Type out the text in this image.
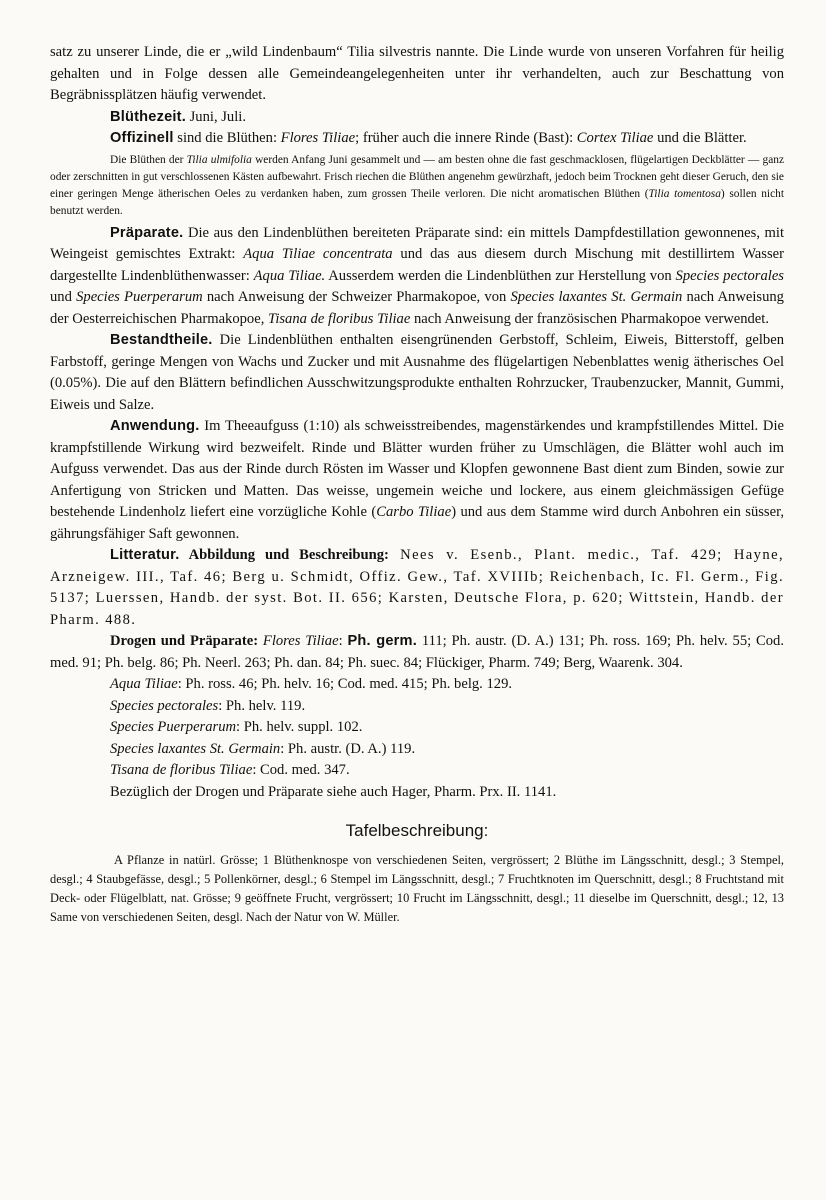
satz zu unserer Linde, die er „wild Lindenbaum“ Tilia silvestris nannte. Die Linde wurde von unseren Vorfahren für heilig gehalten und in Folge dessen alle Gemeindeangelegenheiten unter ihr verhandelten, auch zur Beschattung von Begräbnissplätzen häufig verwendet.

Blüthezeit. Juni, Juli.

Offizinell sind die Blüthen: Flores Tiliae; früher auch die innere Rinde (Bast): Cortex Tiliae und die Blätter.

Die Blüthen der Tilia ulmifolia werden Anfang Juni gesammelt und — am besten ohne die fast geschmacklosen, flügelartigen Deckblätter — ganz oder zerschnitten in gut verschlossenen Kästen aufbewahrt. Frisch riechen die Blüthen angenehm gewürzhaft, jedoch beim Trocknen geht dieser Geruch, den sie einer geringen Menge ätherischen Oeles zu verdanken haben, zum grossen Theile verloren. Die nicht aromatischen Blüthen (Tilia tomentosa) sollen nicht benutzt werden.

Präparate. Die aus den Lindenblüthen bereiteten Präparate sind: ein mittels Dampfdestillation gewonnenes, mit Weingeist gemischtes Extrakt: Aqua Tiliae concentrata und das aus diesem durch Mischung mit destillirtem Wasser dargestellte Lindenblüthenwasser: Aqua Tiliae. Ausserdem werden die Lindenblüthen zur Herstellung von Species pectorales und Species Puerperarum nach Anweisung der Schweizer Pharmakopoe, von Species laxantes St. Germain nach Anweisung der Oesterreichischen Pharmakopoe, Tisana de floribus Tiliae nach Anweisung der französischen Pharmakopoe verwendet.

Bestandtheile. Die Lindenblüthen enthalten eisengrünenden Gerbstoff, Schleim, Eiweis, Bitterstoff, gelben Farbstoff, geringe Mengen von Wachs und Zucker und mit Ausnahme des flügelartigen Nebenblattes wenig ätherisches Oel (0.05%). Die auf den Blättern befindlichen Ausschwitzungsprodukte enthalten Rohrzucker, Traubenzucker, Mannit, Gummi, Eiweis und Salze.

Anwendung. Im Theeaufguss (1:10) als schweisstreibendes, magenstärkendes und krampfstillendes Mittel. Die krampfstillende Wirkung wird bezweifelt. Rinde und Blätter wurden früher zu Umschlägen, die Blätter wohl auch im Aufguss verwendet. Das aus der Rinde durch Rösten im Wasser und Klopfen gewonnene Bast dient zum Binden, sowie zur Anfertigung von Stricken und Matten. Das weisse, ungemein weiche und lockere, aus einem gleichmässigen Gefüge bestehende Lindenholz liefert eine vorzügliche Kohle (Carbo Tiliae) und aus dem Stamme wird durch Anbohren ein süsser, gährungsfähiger Saft gewonnen.

Litteratur. Abbildung und Beschreibung: Nees v. Esenb., Plant. medic., Taf. 429; Hayne, Arzneigew. III., Taf. 46; Berg u. Schmidt, Offiz. Gew., Taf. XVIIIb; Reichenbach, Ic. Fl. Germ., Fig. 5137; Luerssen, Handb. der syst. Bot. II. 656; Karsten, Deutsche Flora, p. 620; Wittstein, Handb. der Pharm. 488.

Drogen und Präparate: Flores Tiliae: Ph. germ. 111; Ph. austr. (D. A.) 131; Ph. ross. 169; Ph. helv. 55; Cod. med. 91; Ph. belg. 86; Ph. Neerl. 263; Ph. dan. 84; Ph. suec. 84; Flückiger, Pharm. 749; Berg, Waarenk. 304.

Aqua Tiliae: Ph. ross. 46; Ph. helv. 16; Cod. med. 415; Ph. belg. 129.

Species pectorales: Ph. helv. 119.

Species Puerperarum: Ph. helv. suppl. 102.

Species laxantes St. Germain: Ph. austr. (D. A.) 119.

Tisana de floribus Tiliae: Cod. med. 347.

Bezüglich der Drogen und Präparate siehe auch Hager, Pharm. Prx. II. 1141.

Tafelbeschreibung:

A Pflanze in natürl. Grösse; 1 Blüthenknospe von verschiedenen Seiten, vergrössert; 2 Blüthe im Längsschnitt, desgl.; 3 Stempel, desgl.; 4 Staubgefässe, desgl.; 5 Pollenkörner, desgl.; 6 Stempel im Längsschnitt, desgl.; 7 Fruchtknoten im Querschnitt, desgl.; 8 Fruchtstand mit Deck- oder Flügelblatt, nat. Grösse; 9 geöffnete Frucht, vergrössert; 10 Frucht im Längsschnitt, desgl.; 11 dieselbe im Querschnitt, desgl.; 12, 13 Same von verschiedenen Seiten, desgl. Nach der Natur von W. Müller.
